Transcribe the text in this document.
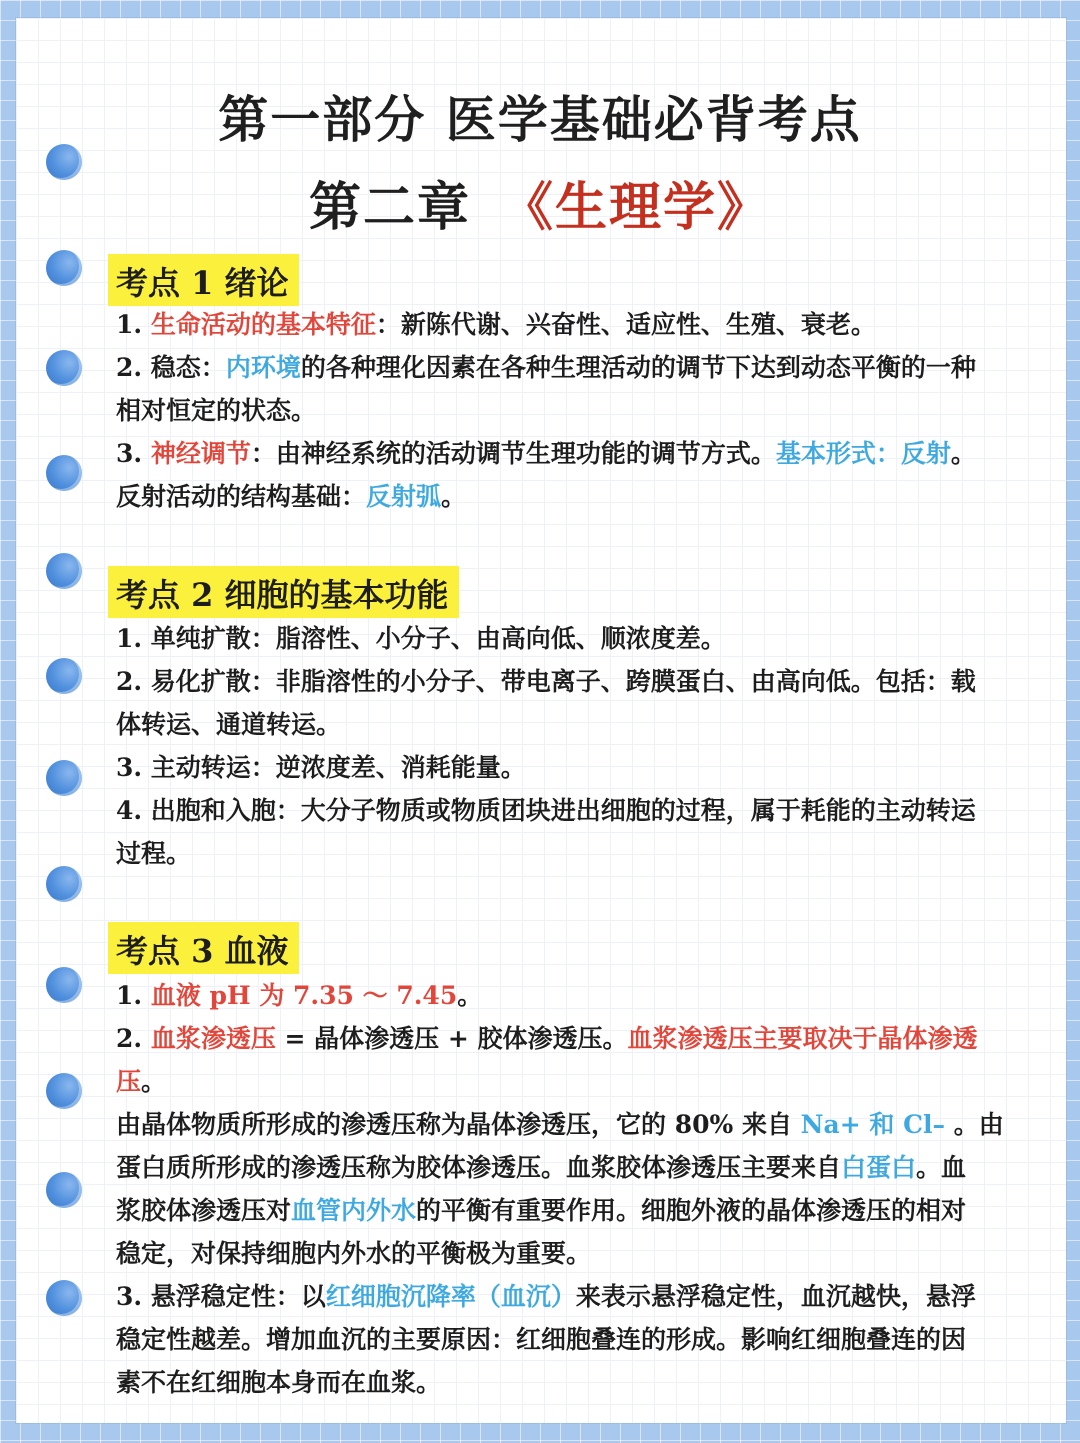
第一部分 医学基础必背考点
第二章 《生理学》
考点 1 绪论
1. 生命活动的基本特征：新陈代谢、兴奋性、适应性、生殖、衰老。
2. 稳态：内环境的各种理化因素在各种生理活动的调节下达到动态平衡的一种
相对恒定的状态。
3. 神经调节：由神经系统的活动调节生理功能的调节方式。基本形式：反射。
反射活动的结构基础：反射弧。
考点 2 细胞的基本功能
1. 单纯扩散：脂溶性、小分子、由高向低、顺浓度差。
2. 易化扩散：非脂溶性的小分子、带电离子、跨膜蛋白、由高向低。包括：载
体转运、通道转运。
3. 主动转运：逆浓度差、消耗能量。
4. 出胞和入胞：大分子物质或物质团块进出细胞的过程，属于耗能的主动转运
过程。
考点 3 血液
1. 血液 pH 为 7.35 ～ 7.45。
2. 血浆渗透压 = 晶体渗透压 + 胶体渗透压。血浆渗透压主要取决于晶体渗透
压。
由晶体物质所形成的渗透压称为晶体渗透压，它的 80% 来自 Na+ 和 Cl– 。由
蛋白质所形成的渗透压称为胶体渗透压。血浆胶体渗透压主要来自白蛋白。血
浆胶体渗透压对血管内外水的平衡有重要作用。细胞外液的晶体渗透压的相对
稳定，对保持细胞内外水的平衡极为重要。
3. 悬浮稳定性：以红细胞沉降率（血沉）来表示悬浮稳定性，血沉越快，悬浮
稳定性越差。增加血沉的主要原因：红细胞叠连的形成。影响红细胞叠连的因
素不在红细胞本身而在血浆。
